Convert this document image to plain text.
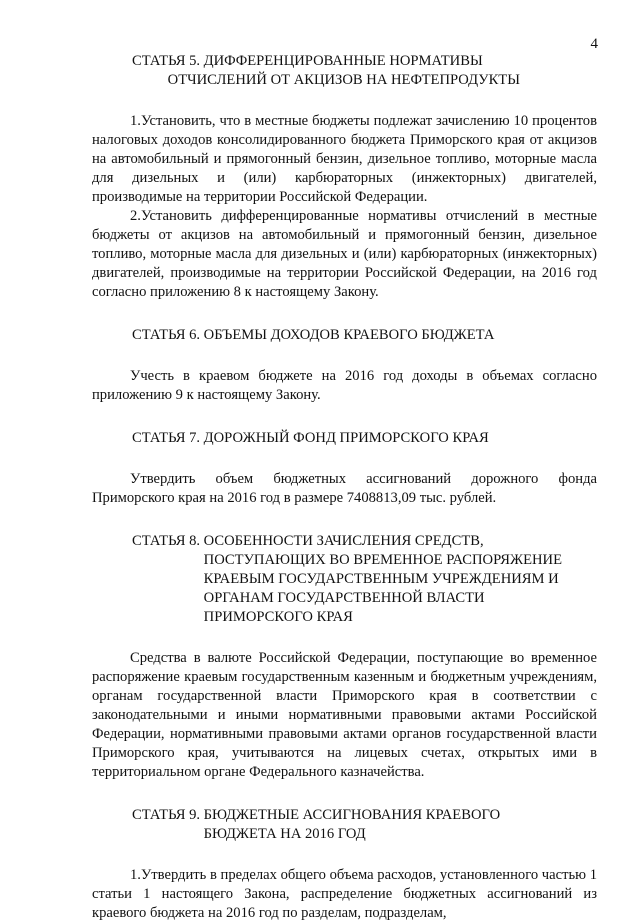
4
СТАТЬЯ 5. ДИФФЕРЕНЦИРОВАННЫЕ НОРМАТИВЫ
ОТЧИСЛЕНИЙ ОТ АКЦИЗОВ НА НЕФТЕПРОДУКТЫ

1.Установить, что в местные бюджеты подлежат зачислению 10 процентов налоговых доходов консолидированного бюджета Приморского края от акцизов на автомобильный и прямогонный бензин, дизельное топливо, моторные масла для дизельных и (или) карбюраторных (инжекторных) двигателей, производимые на территории Российской Федерации.

2.Установить дифференцированные нормативы отчислений в местные бюджеты от акцизов на автомобильный и прямогонный бензин, дизельное топливо, моторные масла для дизельных и (или) карбюраторных (инжекторных) двигателей, производимые на территории Российской Федерации, на 2016 год согласно приложению 8 к настоящему Закону.

СТАТЬЯ 6. ОБЪЕМЫ ДОХОДОВ КРАЕВОГО БЮДЖЕТА

Учесть в краевом бюджете на 2016 год доходы в объемах согласно приложению 9 к настоящему Закону.

СТАТЬЯ 7. ДОРОЖНЫЙ ФОНД ПРИМОРСКОГО КРАЯ

Утвердить объем бюджетных ассигнований дорожного фонда Приморского края на 2016 год в размере 7408813,09 тыс. рублей.

СТАТЬЯ 8. ОСОБЕННОСТИ ЗАЧИСЛЕНИЯ СРЕДСТВ,
ПОСТУПАЮЩИХ ВО ВРЕМЕННОЕ РАСПОРЯЖЕНИЕ
КРАЕВЫМ ГОСУДАРСТВЕННЫМ УЧРЕЖДЕНИЯМ И
ОРГАНАМ ГОСУДАРСТВЕННОЙ ВЛАСТИ
ПРИМОРСКОГО КРАЯ

Средства в валюте Российской Федерации, поступающие во временное распоряжение краевым государственным казенным и бюджетным учреждениям, органам государственной власти Приморского края в соответствии с законодательными и иными нормативными правовыми актами Российской Федерации, нормативными правовыми актами органов государственной власти Приморского края, учитываются на лицевых счетах, открытых ими в территориальном органе Федерального казначейства.

СТАТЬЯ 9. БЮДЖЕТНЫЕ АССИГНОВАНИЯ КРАЕВОГО
БЮДЖЕТА НА 2016 ГОД

1.Утвердить в пределах общего объема расходов, установленного частью 1 статьи 1 настоящего Закона, распределение бюджетных ассигнований из краевого бюджета на 2016 год по разделам, подразделам,
